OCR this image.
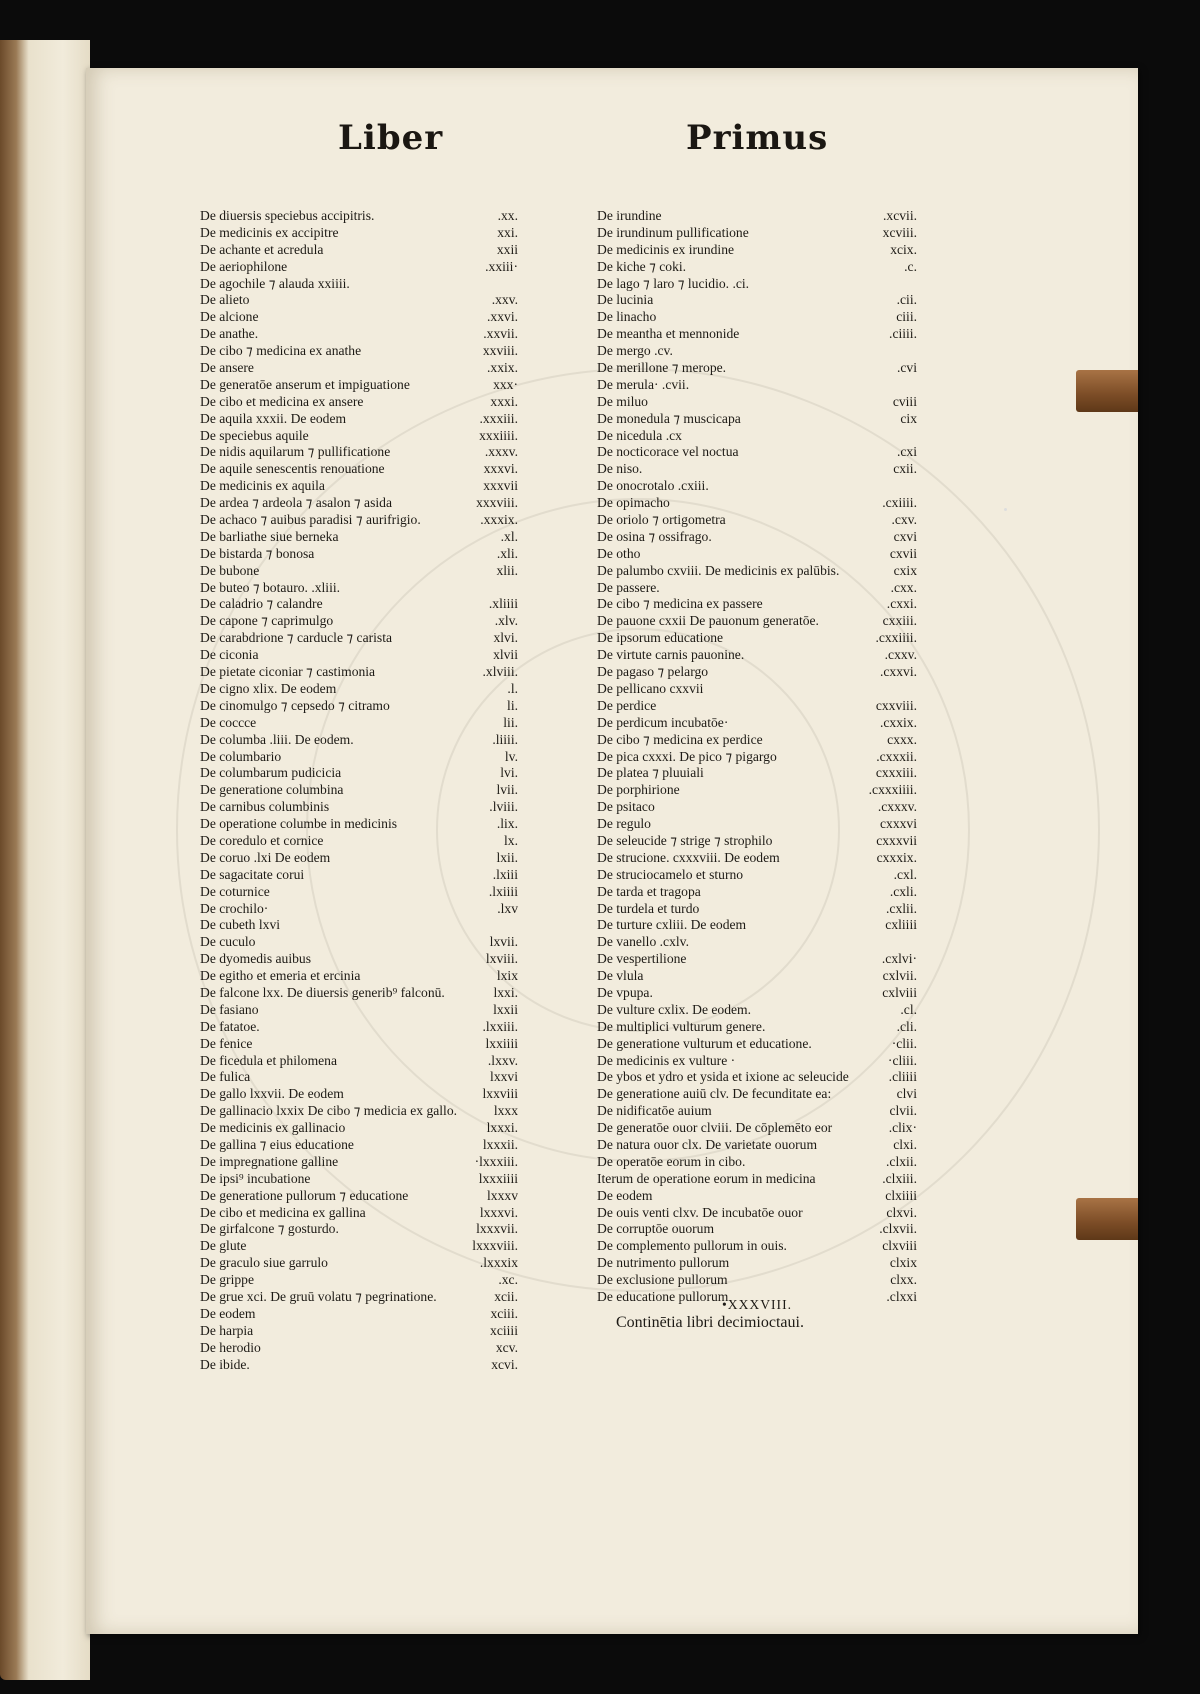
Liber	Primus
De diuersis speciebus accipitris.	.xx.
De medicinis ex accipitre	xxi.
De achante et acredula	xxii
De aeriophilone	.xxiii·
De agochile ⁊ alauda xxiiii.
De alieto	.xxv.
De alcione	.xxvi.
De anathe.	.xxvii.
De cibo ⁊ medicina ex anathe	xxviii.
De ansere	.xxix.
De generatōe anserum et impiguatione	xxx·
De cibo et medicina ex ansere	xxxi.
De aquila xxxii. De eodem	.xxxiii.
De speciebus aquile	xxxiiii.
De nidis aquilarum ⁊ pullificatione	.xxxv.
De aquile senescentis renouatione	xxxvi.
De medicinis ex aquila	xxxvii
De ardea ⁊ ardeola ⁊ asalon ⁊ asida	xxxviii.
De achaco ⁊ auibus paradisi ⁊ aurifrigio.	.xxxix.
De barliathe siue berneka	.xl.
De bistarda ⁊ bonosa	.xli.
De bubone	xlii.
De buteo ⁊ botauro. .xliii.
De caladrio ⁊ calandre	.xliiii
De capone ⁊ caprimulgo	.xlv.
De carabdrione ⁊ carducle ⁊ carista	xlvi.
De ciconia	xlvii
De pietate ciconiar ⁊ castimonia	.xlviii.
De cigno xlix. De eodem	.l.
De cinomulgo ⁊ cepsedo ⁊ citramo	li.
De coccce	lii.
De columba .liii. De eodem.	.liiii.
De columbario	lv.
De columbarum pudicicia	lvi.
De generatione columbina	lvii.
De carnibus columbinis	.lviii.
De operatione columbe in medicinis	.lix.
De coredulo et cornice	lx.
De coruo .lxi De eodem	lxii.
De sagacitate corui	.lxiii
De coturnice	.lxiiii
De crochilo·	.lxv
De cubeth lxvi
De cuculo	lxvii.
De dyomedis auibus	lxviii.
De egitho et emeria et ercinia	lxix
De falcone lxx. De diuersis generib⁹ falconū.	lxxi.
De fasiano	lxxii
De fatatoe.	.lxxiii.
De fenice	lxxiiii
De ficedula et philomena	.lxxv.
De fulica	lxxvi
De gallo lxxvii. De eodem	lxxviii
De gallinacio lxxix De cibo ⁊ medicia ex gallo.	lxxx
De medicinis ex gallinacio	lxxxi.
De gallina ⁊ eius educatione	lxxxii.
De impregnatione galline	·lxxxiii.
De ipsi⁹ incubatione	lxxxiiii
De generatione pullorum ⁊ educatione	lxxxv
De cibo et medicina ex gallina	lxxxvi.
De girfalcone ⁊ gosturdo.	lxxxvii.
De glute	lxxxviii.
De graculo siue garrulo	.lxxxix
De grippe	.xc.
De grue xci. De gruū volatu ⁊ pegrinatione.	xcii.
De eodem	xciii.
De harpia	xciiii
De herodio	xcv.
De ibide.	xcvi.
De irundine	.xcvii.
De irundinum pullificatione	xcviii.
De medicinis ex irundine	xcix.
De kiche ⁊ coki.	.c.
De lago ⁊ laro ⁊ lucidio. .ci.
De lucinia	.cii.
De linacho	ciii.
De meantha et mennonide	.ciiii.
De mergo .cv.
De merillone ⁊ merope.	.cvi
De merula· .cvii.
De miluo	cviii
De monedula ⁊ muscicapa	cix
De nicedula .cx
De nocticorace vel noctua	.cxi
De niso.	cxii.
De onocrotalo .cxiii.
De opimacho	.cxiiii.
De oriolo ⁊ ortigometra	.cxv.
De osina ⁊ ossifrago.	cxvi
De otho	cxvii
De palumbo cxviii. De medicinis ex palūbis.	cxix
De passere.	.cxx.
De cibo ⁊ medicina ex passere	.cxxi.
De pauone cxxii De pauonum generatōe.	cxxiii.
De ipsorum educatione	.cxxiiii.
De virtute carnis pauonine.	.cxxv.
De pagaso ⁊ pelargo	.cxxvi.
De pellicano cxxvii
De perdice	cxxviii.
De perdicum incubatōe·	.cxxix.
De cibo ⁊ medicina ex perdice	cxxx.
De pica cxxxi. De pico ⁊ pigargo	.cxxxii.
De platea ⁊ pluuiali	cxxxiii.
De porphirione	.cxxxiiii.
De psitaco	.cxxxv.
De regulo	cxxxvi
De seleucide ⁊ strige ⁊ strophilo	cxxxvii
De strucione. cxxxviii. De eodem	cxxxix.
De struciocamelo et sturno	.cxl.
De tarda et tragopa	.cxli.
De turdela et turdo	.cxlii.
De turture cxliii. De eodem	cxliiii
De vanello .cxlv.
De vespertilione	.cxlvi·
De vlula	cxlvii.
De vpupa.	cxlviii
De vulture cxlix. De eodem.	.cl.
De multiplici vulturum genere.	.cli.
De generatione vulturum et educatione.	·clii.
De medicinis ex vulture ·	·cliii.
De ybos et ydro et ysida et ixione ac seleucide	.cliiii
De generatione auiū clv. De fecunditate ea:	clvi
De nidificatōe auium	clvii.
De generatōe ouor clviii. De cōplemēto eor	.clix·
De natura ouor clx. De varietate ouorum	clxi.
De operatōe eorum in cibo.	.clxii.
Iterum de operatione eorum in medicina	.clxiii.
De eodem	clxiiii
De ouis venti clxv. De incubatōe ouor	clxvi.
De corruptōe ouorum	.clxvii.
De complemento pullorum in ouis.	clxviii
De nutrimento pullorum	clxix
De exclusione pullorum	clxx.
De educatione pullorum	.clxxi
•XXXVIII.
Continētia libri decimioctaui.
